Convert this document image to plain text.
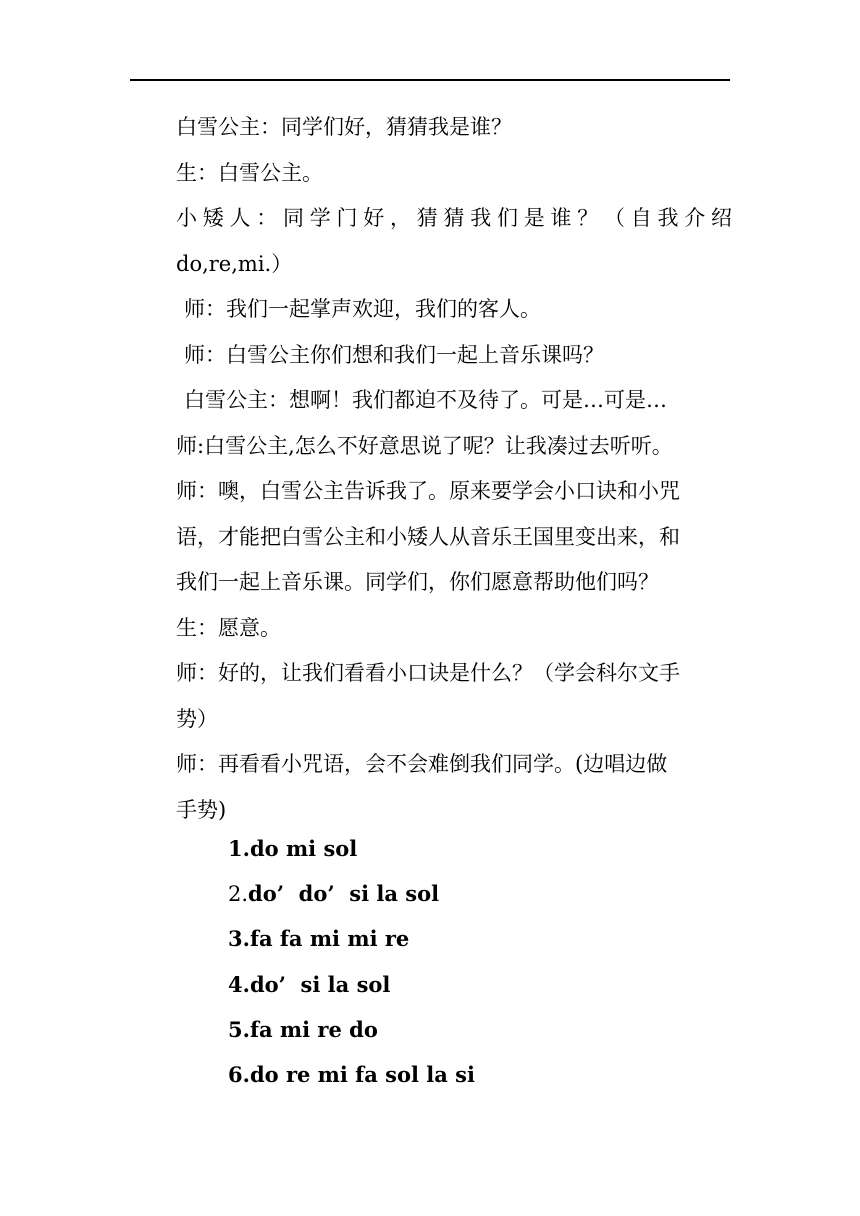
白雪公主：同学们好，猜猜我是谁？

生：白雪公主。

小矮人：同学门好，猜猜我们是谁？（自我介绍

do,re,mi.）

师：我们一起掌声欢迎，我们的客人。

师：白雪公主你们想和我们一起上音乐课吗？

白雪公主：想啊！我们都迫不及待了。可是…可是…

师:白雪公主,怎么不好意思说了呢？让我凑过去听听。

师：噢，白雪公主告诉我了。原来要学会小口诀和小咒

语，才能把白雪公主和小矮人从音乐王国里变出来，和

我们一起上音乐课。同学们，你们愿意帮助他们吗？

生：愿意。

师：好的，让我们看看小口诀是什么？（学会科尔文手

势）

师：再看看小咒语，会不会难倒我们同学。(边唱边做

手势)

1.do mi sol
2.do’  do’  si la sol
3.fa fa mi mi re
4.do’  si la sol
5.fa mi re do
6.do re mi fa sol la si
